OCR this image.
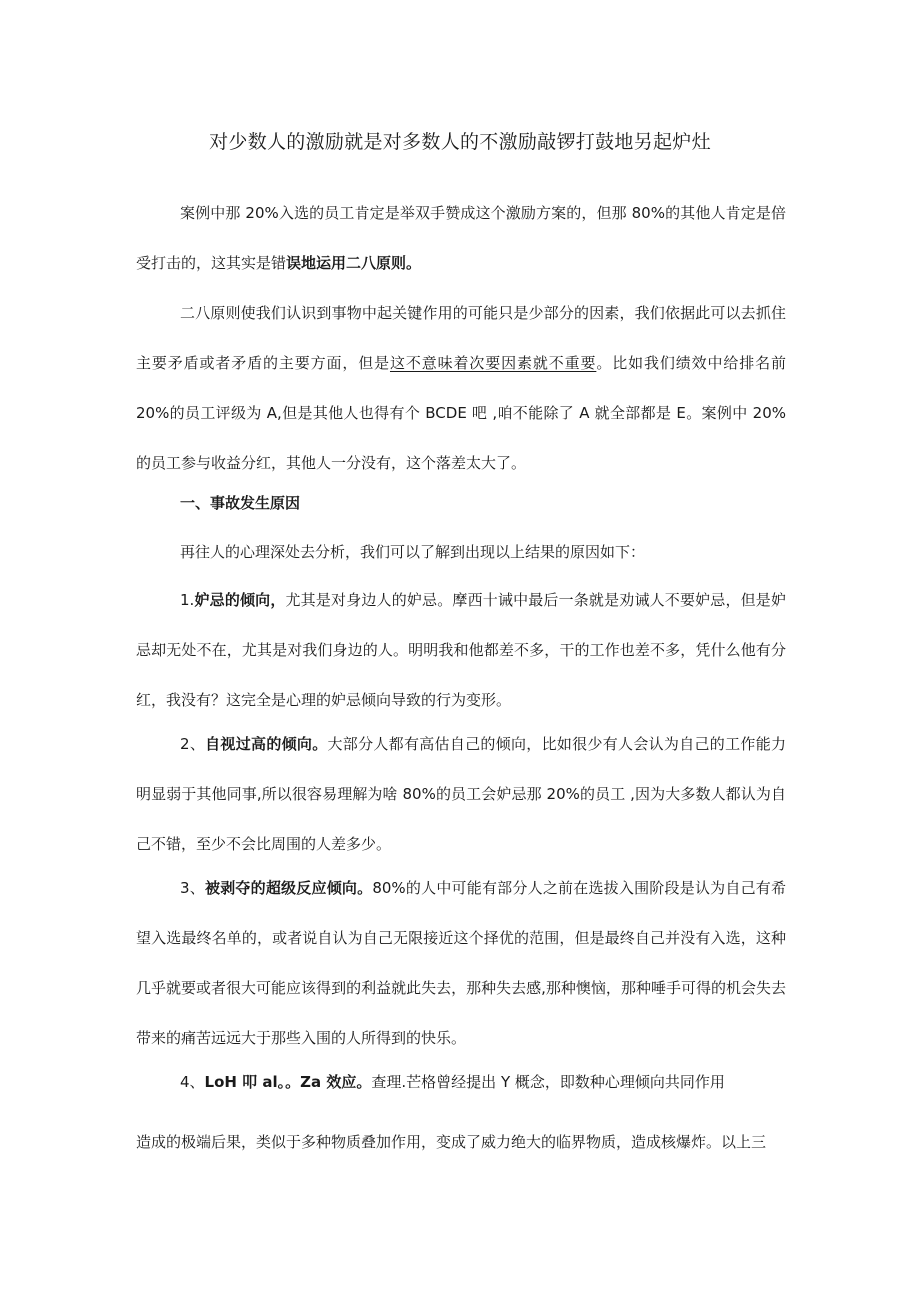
对少数人的激励就是对多数人的不激励敲锣打鼓地另起炉灶

案例中那 20%入选的员工肯定是举双手赞成这个激励方案的，但那 80%的其他人肯定是倍受打击的，这其实是错误地运用二八原则。

二八原则使我们认识到事物中起关键作用的可能只是少部分的因素，我们依据此可以去抓住主要矛盾或者矛盾的主要方面，但是这不意味着次要因素就不重要。比如我们绩效中给排名前 20%的员工评级为 A,但是其他人也得有个 BCDE 吧 ,咱不能除了 A 就全部都是 E。案例中 20%的员工参与收益分红，其他人一分没有，这个落差太大了。

一、事故发生原因

再往人的心理深处去分析，我们可以了解到出现以上结果的原因如下：

1.妒忌的倾向，尤其是对身边人的妒忌。摩西十诫中最后一条就是劝诫人不要妒忌，但是妒忌却无处不在，尤其是对我们身边的人。明明我和他都差不多，干的工作也差不多，凭什么他有分红，我没有？这完全是心理的妒忌倾向导致的行为变形。

2、自视过高的倾向。大部分人都有高估自己的倾向，比如很少有人会认为自己的工作能力明显弱于其他同事,所以很容易理解为啥 80%的员工会妒忌那 20%的员工 ,因为大多数人都认为自己不错，至少不会比周围的人差多少。

3、被剥夺的超级反应倾向。80%的人中可能有部分人之前在选拔入围阶段是认为自己有希望入选最终名单的，或者说自认为自己无限接近这个择优的范围，但是最终自己并没有入选，这种几乎就要或者很大可能应该得到的利益就此失去，那种失去感,那种懊恼，那种唾手可得的机会失去带来的痛苦远远大于那些入围的人所得到的快乐。

4、LoH 叩 al。。Za 效应。查理.芒格曾经提出 Y 概念，即数种心理倾向共同作用

造成的极端后果，类似于多种物质叠加作用，变成了威力绝大的临界物质，造成核爆炸。以上三
